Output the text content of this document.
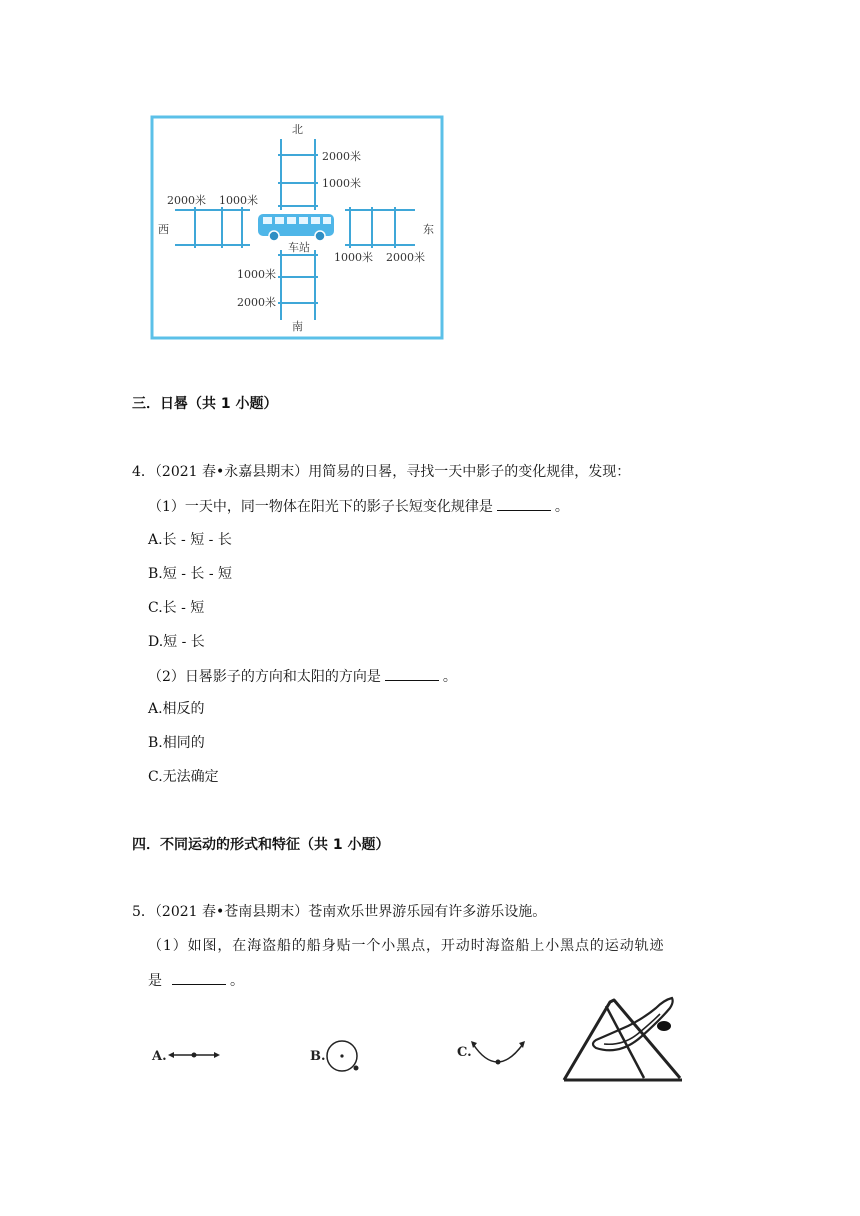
北
2000米
1000米
2000米 1000米
西	东
车站
1000米 2000米
1000米
2000米
南
三．日晷（共 1 小题）
4．（2021 春•永嘉县期末）用简易的日晷，寻找一天中影子的变化规律，发现：
（1）一天中，同一物体在阳光下的影子长短变化规律是	。
A.长 - 短 - 长
B.短 - 长 - 短
C.长 - 短
D.短 - 长
（2）日晷影子的方向和太阳的方向是	。
A.相反的
B.相同的
C.无法确定
四．不同运动的形式和特征（共 1 小题）
5．（2021 春•苍南县期末）苍南欢乐世界游乐园有许多游乐设施。
（1）如图，在海盗船的船身贴一个小黑点，开动时海盗船上小黑点的运动轨迹
是	。
A.	B.	C.
